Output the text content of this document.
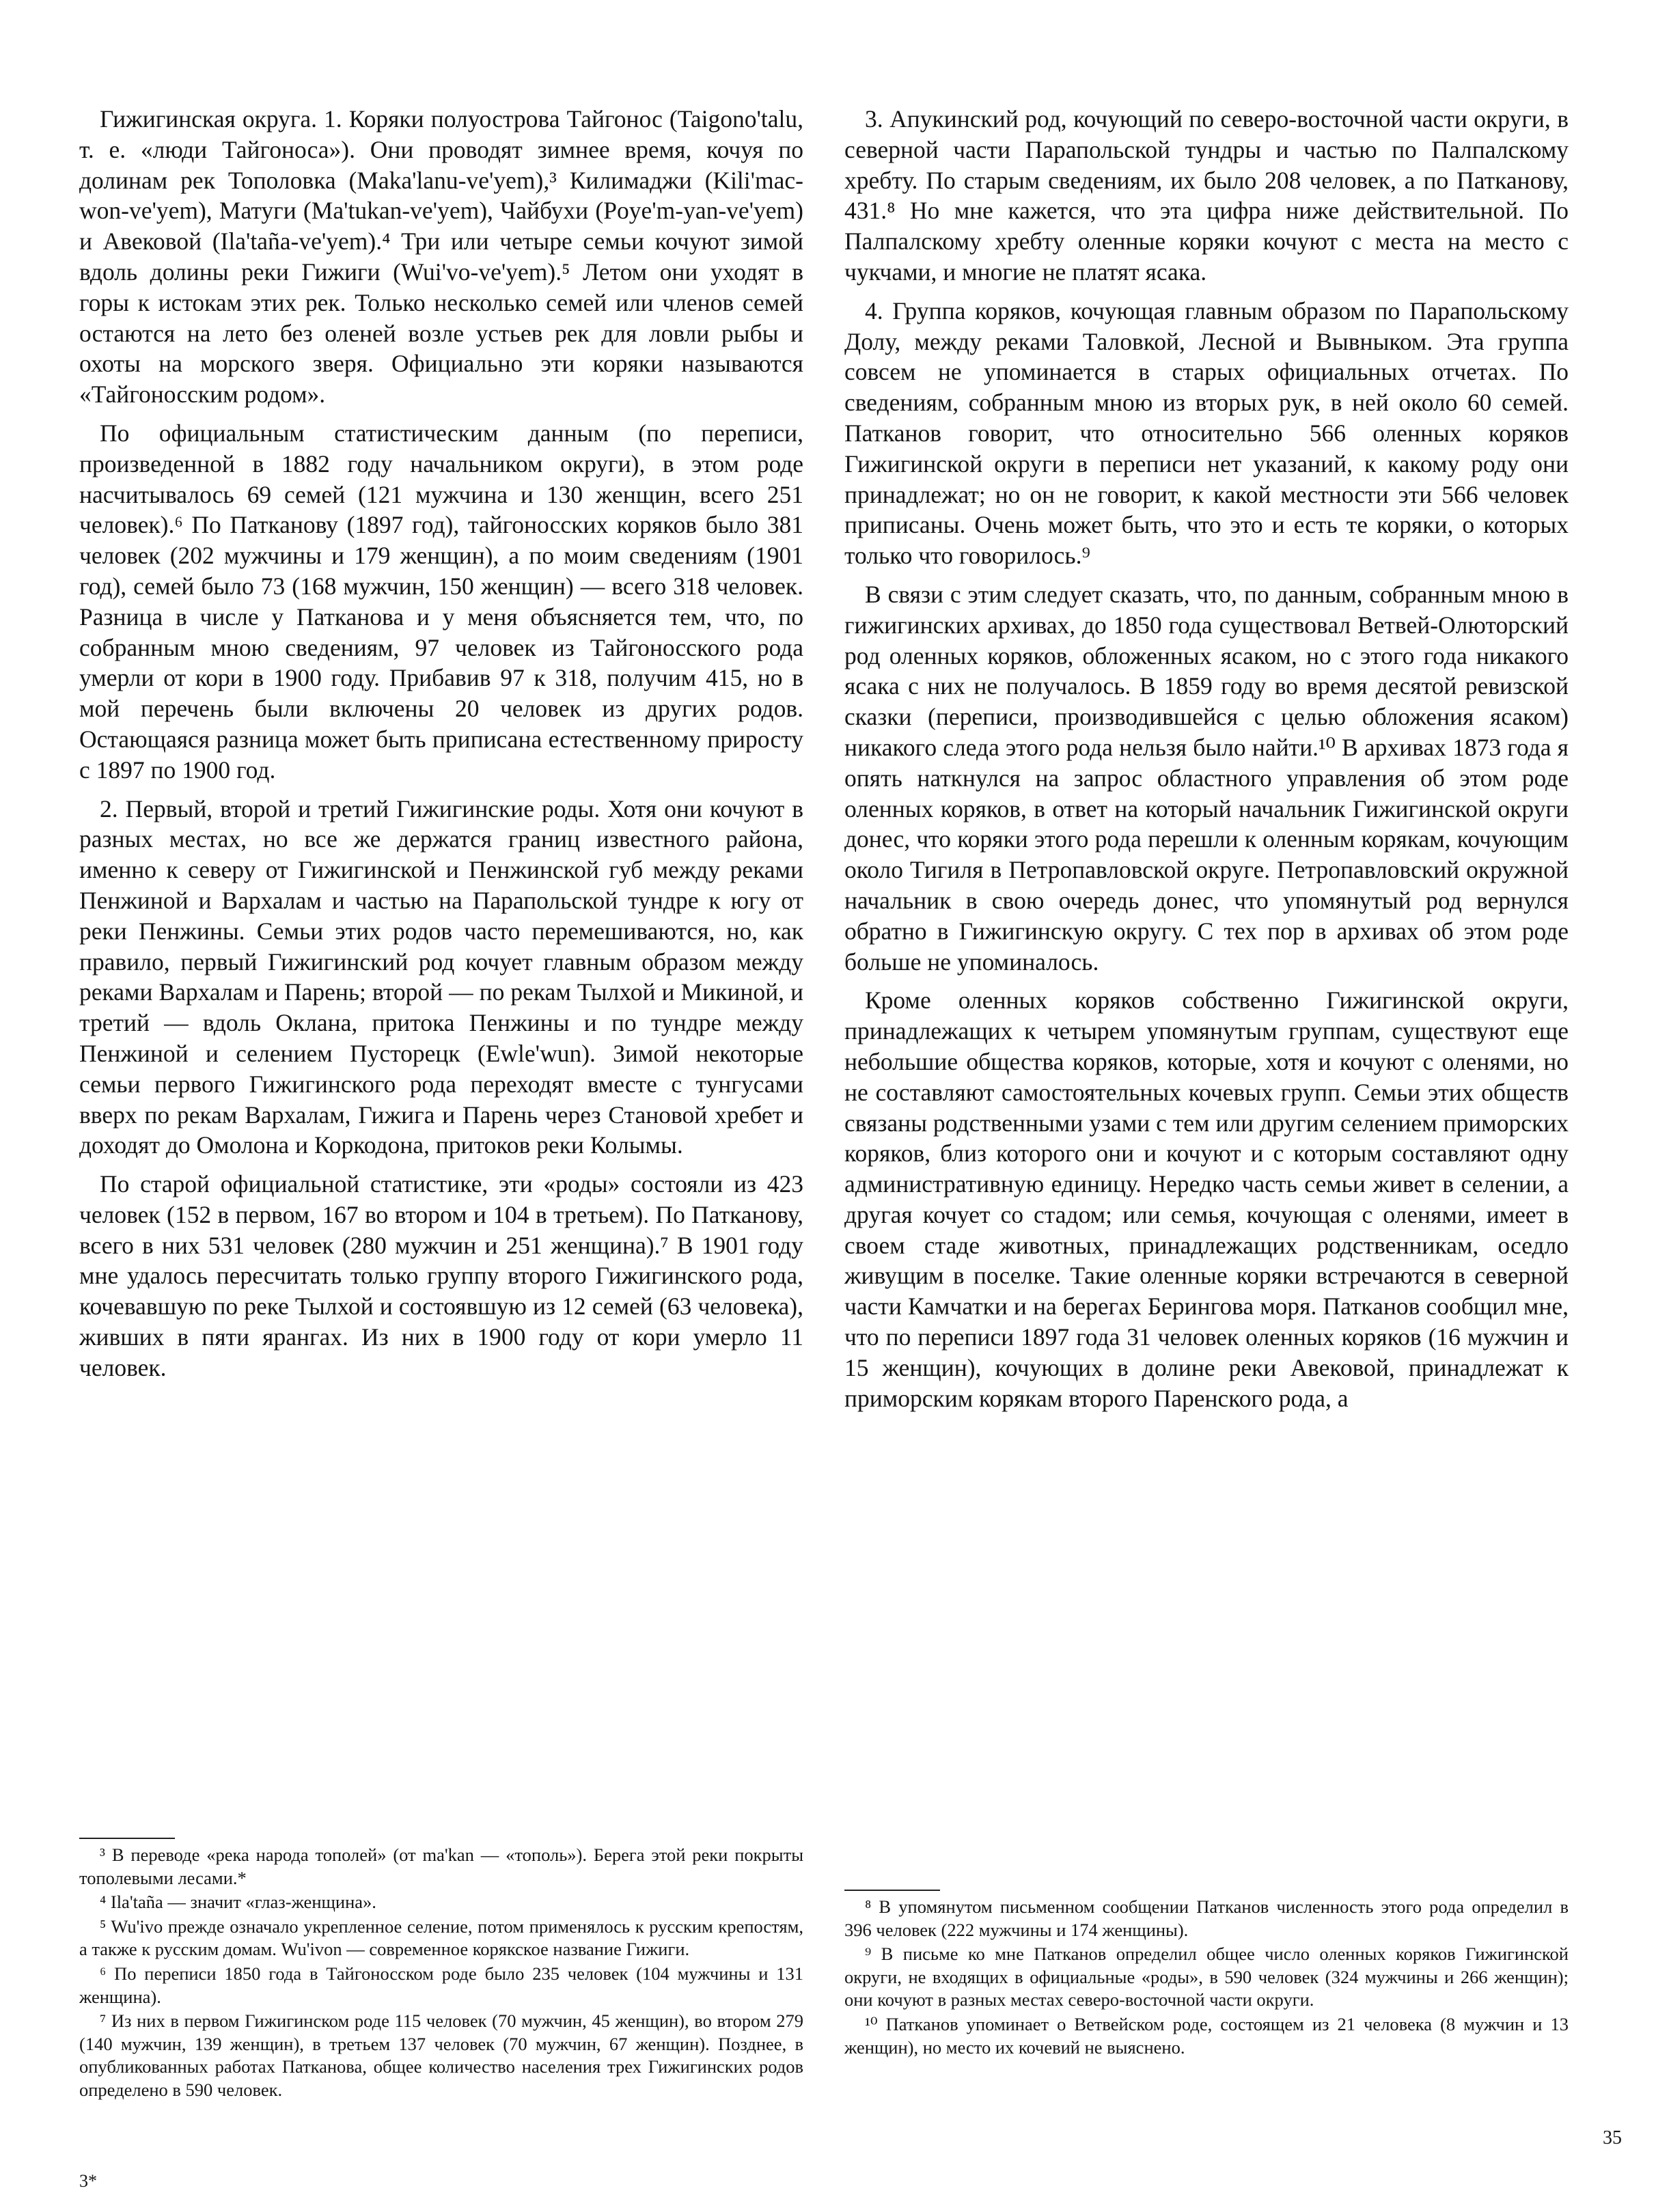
Гижигинская округа. 1. Коряки полуострова Тайгонос (Taigono'talu, т. е. «люди Тайгоноса»). Они проводят зимнее время, кочуя по долинам рек Тополовка (Maka'lanu-ve'yem),³ Килимаджи (Kili'mac-won-ve'yem), Матуги (Ma'tukan-ve'yem), Чайбухи (Poye'm-yan-ve'yem) и Авековой (Ila'taña-ve'yem).⁴ Три или четыре семьи кочуют зимой вдоль долины реки Гижиги (Wui'vo-ve'yem).⁵ Летом они уходят в горы к истокам этих рек. Только несколько семей или членов семей остаются на лето без оленей возле устьев рек для ловли рыбы и охоты на морского зверя. Официально эти коряки называются «Тайгоносским родом».

По официальным статистическим данным (по переписи, произведенной в 1882 году начальником округи), в этом роде насчитывалось 69 семей (121 мужчина и 130 женщин, всего 251 человек).⁶ По Патканову (1897 год), тайгоносских коряков было 381 человек (202 мужчины и 179 женщин), а по моим сведениям (1901 год), семей было 73 (168 мужчин, 150 женщин) — всего 318 человек. Разница в числе у Патканова и у меня объясняется тем, что, по собранным мною сведениям, 97 человек из Тайгоносского рода умерли от кори в 1900 году. Прибавив 97 к 318, получим 415, но в мой перечень были включены 20 человек из других родов. Остающаяся разница может быть приписана естественному приросту с 1897 по 1900 год.

2. Первый, второй и третий Гижигинские роды. Хотя они кочуют в разных местах, но все же держатся границ известного района, именно к северу от Гижигинской и Пенжинской губ между реками Пенжиной и Вархалам и частью на Парапольской тундре к югу от реки Пенжины. Семьи этих родов часто перемешиваются, но, как правило, первый Гижигинский род кочует главным образом между реками Вархалам и Парень; второй — по рекам Тылхой и Микиной, и третий — вдоль Оклана, притока Пенжины и по тундре между Пенжиной и селением Пусторецк (Ewle'wun). Зимой некоторые семьи первого Гижигинского рода переходят вместе с тунгусами вверх по рекам Вархалам, Гижига и Парень через Становой хребет и доходят до Омолона и Коркодона, притоков реки Колымы.

По старой официальной статистике, эти «роды» состояли из 423 человек (152 в первом, 167 во втором и 104 в третьем). По Патканову, всего в них 531 человек (280 мужчин и 251 женщина).⁷ В 1901 году мне удалось пересчитать только группу второго Гижигинского рода, кочевавшую по реке Тылхой и состоявшую из 12 семей (63 человека), живших в пяти ярангах. Из них в 1900 году от кори умерло 11 человек.

³ В переводе «река народа тополей» (от ma'kan — «тополь»). Берега этой реки покрыты тополевыми лесами.*

⁴ Ila'taña — значит «глаз-женщина».

⁵ Wu'ivo прежде означало укрепленное селение, потом применялось к русским крепостям, а также к русским домам. Wu'ivon — современное корякское название Гижиги.

⁶ По переписи 1850 года в Тайгоносском роде было 235 человек (104 мужчины и 131 женщина).

⁷ Из них в первом Гижигинском роде 115 человек (70 мужчин, 45 женщин), во втором 279 (140 мужчин, 139 женщин), в третьем 137 человек (70 мужчин, 67 женщин). Позднее, в опубликованных работах Патканова, общее количество населения трех Гижигинских родов определено в 590 человек.

3. Апукинский род, кочующий по северо-восточной части округи, в северной части Парапольской тундры и частью по Палпалскому хребту. По старым сведениям, их было 208 человек, а по Патканову, 431.⁸ Но мне кажется, что эта цифра ниже действительной. По Палпалскому хребту оленные коряки кочуют с места на место с чукчами, и многие не платят ясака.

4. Группа коряков, кочующая главным образом по Парапольскому Долу, между реками Таловкой, Лесной и Вывныком. Эта группа совсем не упоминается в старых официальных отчетах. По сведениям, собранным мною из вторых рук, в ней около 60 семей. Патканов говорит, что относительно 566 оленных коряков Гижигинской округи в переписи нет указаний, к какому роду они принадлежат; но он не говорит, к какой местности эти 566 человек приписаны. Очень может быть, что это и есть те коряки, о которых только что говорилось.⁹

В связи с этим следует сказать, что, по данным, собранным мною в гижигинских архивах, до 1850 года существовал Ветвей-Олюторский род оленных коряков, обложенных ясаком, но с этого года никакого ясака с них не получалось. В 1859 году во время десятой ревизской сказки (переписи, производившейся с целью обложения ясаком) никакого следа этого рода нельзя было найти.¹⁰ В архивах 1873 года я опять наткнулся на запрос областного управления об этом роде оленных коряков, в ответ на который начальник Гижигинской округи донес, что коряки этого рода перешли к оленным корякам, кочующим около Тигиля в Петропавловской округе. Петропавловский окружной начальник в свою очередь донес, что упомянутый род вернулся обратно в Гижигинскую округу. С тех пор в архивах об этом роде больше не упоминалось.

Кроме оленных коряков собственно Гижигинской округи, принадлежащих к четырем упомянутым группам, существуют еще небольшие общества коряков, которые, хотя и кочуют с оленями, но не составляют самостоятельных кочевых групп. Семьи этих обществ связаны родственными узами с тем или другим селением приморских коряков, близ которого они и кочуют и с которым составляют одну административную единицу. Нередко часть семьи живет в селении, а другая кочует со стадом; или семья, кочующая с оленями, имеет в своем стаде животных, принадлежащих родственникам, оседло живущим в поселке. Такие оленные коряки встречаются в северной части Камчатки и на берегах Берингова моря. Патканов сообщил мне, что по переписи 1897 года 31 человек оленных коряков (16 мужчин и 15 женщин), кочующих в долине реки Авековой, принадлежат к приморским корякам второго Паренского рода, а

⁸ В упомянутом письменном сообщении Патканов численность этого рода определил в 396 человек (222 мужчины и 174 женщины).

⁹ В письме ко мне Патканов определил общее число оленных коряков Гижигинской округи, не входящих в официальные «роды», в 590 человек (324 мужчины и 266 женщин); они кочуют в разных местах северо-восточной части округи.

¹⁰ Патканов упоминает о Ветвейском роде, состоящем из 21 человека (8 мужчин и 13 женщин), но место их кочевий не выяснено.

3*
35
